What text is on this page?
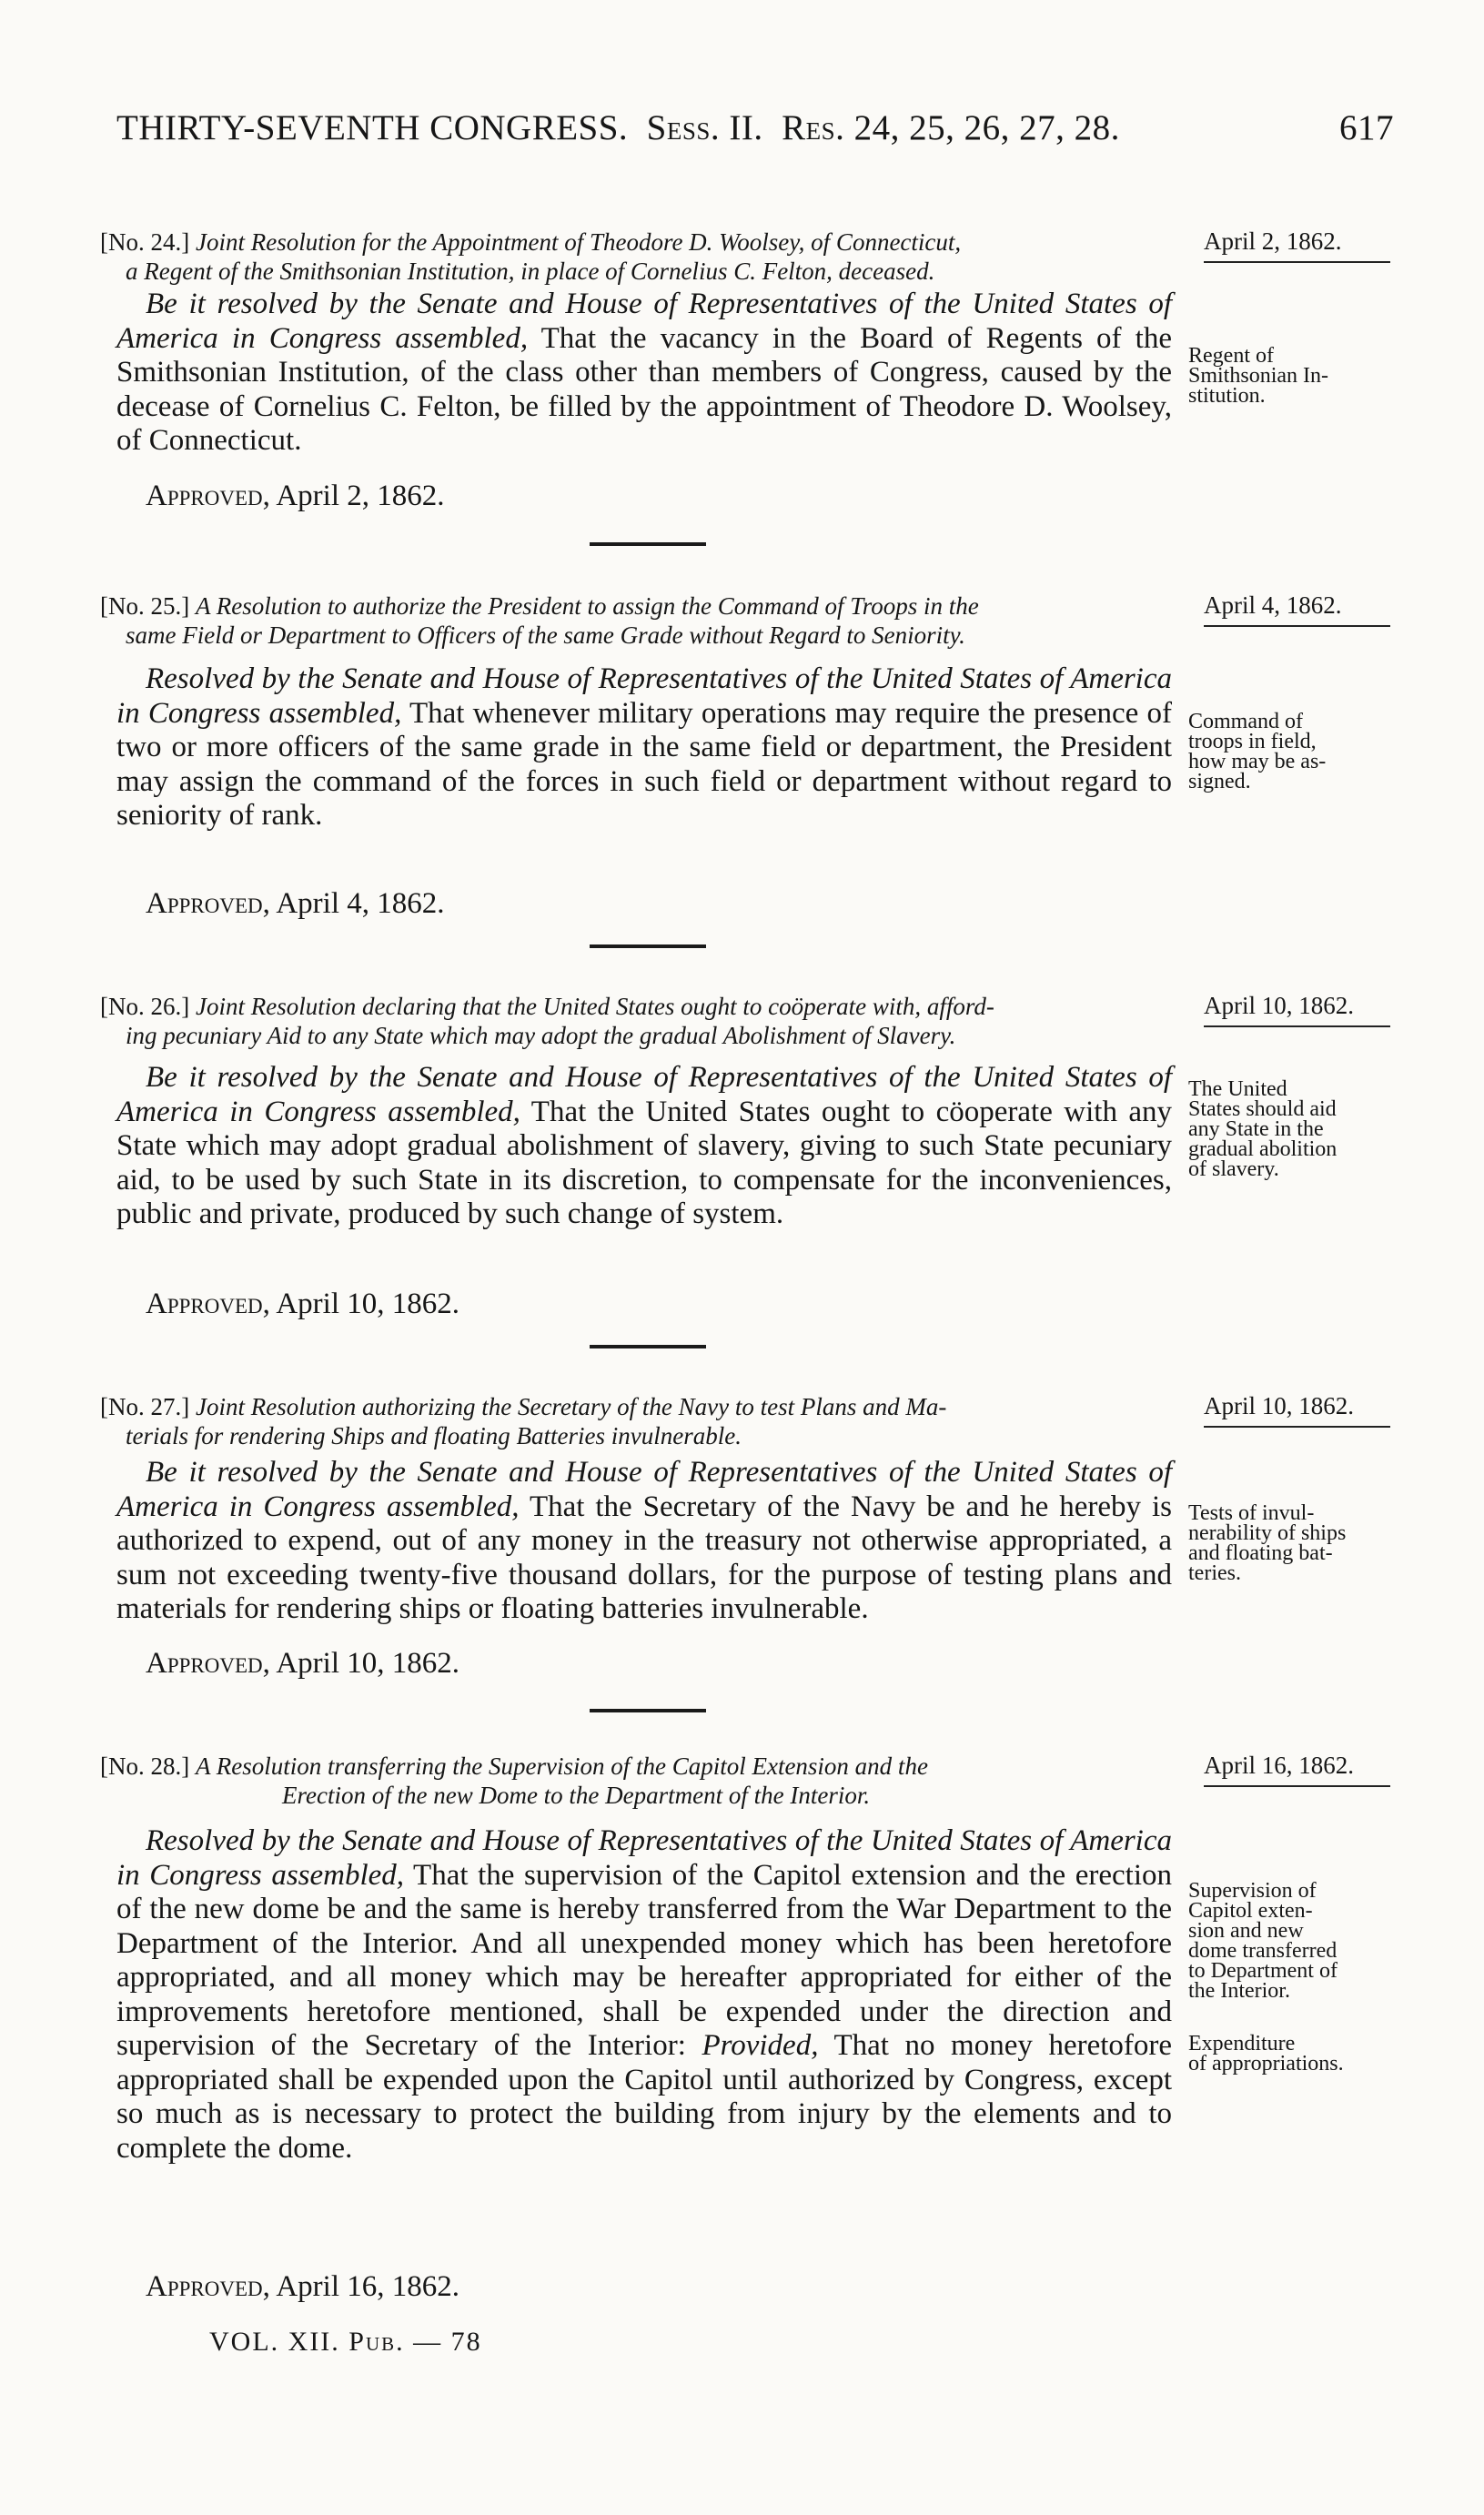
THIRTY-SEVENTH CONGRESS. Sess. II. Res. 24, 25, 26, 27, 28.	617
[No. 24.] Joint Resolution for the Appointment of Theodore D. Woolsey, of Connecticut,
a Regent of the Smithsonian Institution, in place of Cornelius C. Felton, deceased.
April 2, 1862.

Be it resolved by the Senate and House of Representatives of the United States of America in Congress assembled, That the vacancy in the Board of Regents of the Smithsonian Institution, of the class other than members of Congress, caused by the decease of Cornelius C. Felton, be filled by the appointment of Theodore D. Woolsey, of Connecticut.

Approved, April 2, 1862.
Regent of
Smithsonian In-
stitution.
[No. 25.] A Resolution to authorize the President to assign the Command of Troops in the
same Field or Department to Officers of the same Grade without Regard to Seniority.
April 4, 1862.

Resolved by the Senate and House of Representatives of the United States of America in Congress assembled, That whenever military operations may require the presence of two or more officers of the same grade in the same field or department, the President may assign the command of the forces in such field or department without regard to seniority of rank.

Approved, April 4, 1862.
Command of
troops in field,
how may be as-
signed.
[No. 26.] Joint Resolution declaring that the United States ought to coöperate with, afford-
ing pecuniary Aid to any State which may adopt the gradual Abolishment of Slavery.
April 10, 1862.

Be it resolved by the Senate and House of Representatives of the United States of America in Congress assembled, That the United States ought to cöoperate with any State which may adopt gradual abolishment of slavery, giving to such State pecuniary aid, to be used by such State in its discretion, to compensate for the inconveniences, public and private, produced by such change of system.

Approved, April 10, 1862.
The United
States should aid
any State in the
gradual abolition
of slavery.
[No. 27.] Joint Resolution authorizing the Secretary of the Navy to test Plans and Ma-
terials for rendering Ships and floating Batteries invulnerable.
April 10, 1862.

Be it resolved by the Senate and House of Representatives of the United States of America in Congress assembled, That the Secretary of the Navy be and he hereby is authorized to expend, out of any money in the treasury not otherwise appropriated, a sum not exceeding twenty-five thousand dollars, for the purpose of testing plans and materials for rendering ships or floating batteries invulnerable.

Approved, April 10, 1862.
Tests of invul-
nerability of ships
and floating bat-
teries.
[No. 28.] A Resolution transferring the Supervision of the Capitol Extension and the
Erection of the new Dome to the Department of the Interior.
April 16, 1862.

Resolved by the Senate and House of Representatives of the United States of America in Congress assembled, That the supervision of the Capitol extension and the erection of the new dome be and the same is hereby transferred from the War Department to the Department of the Interior. And all unexpended money which has been heretofore appropriated, and all money which may be hereafter appropriated for either of the improvements heretofore mentioned, shall be expended under the direction and supervision of the Secretary of the Interior: Provided, That no money heretofore appropriated shall be expended upon the Capitol until authorized by Congress, except so much as is necessary to protect the building from injury by the elements and to complete the dome.

Approved, April 16, 1862.
Supervision of
Capitol exten-
sion and new
dome transferred
to Department of
the Interior.
Expenditure
of appropriations.
VOL. XII. Pub. — 78
